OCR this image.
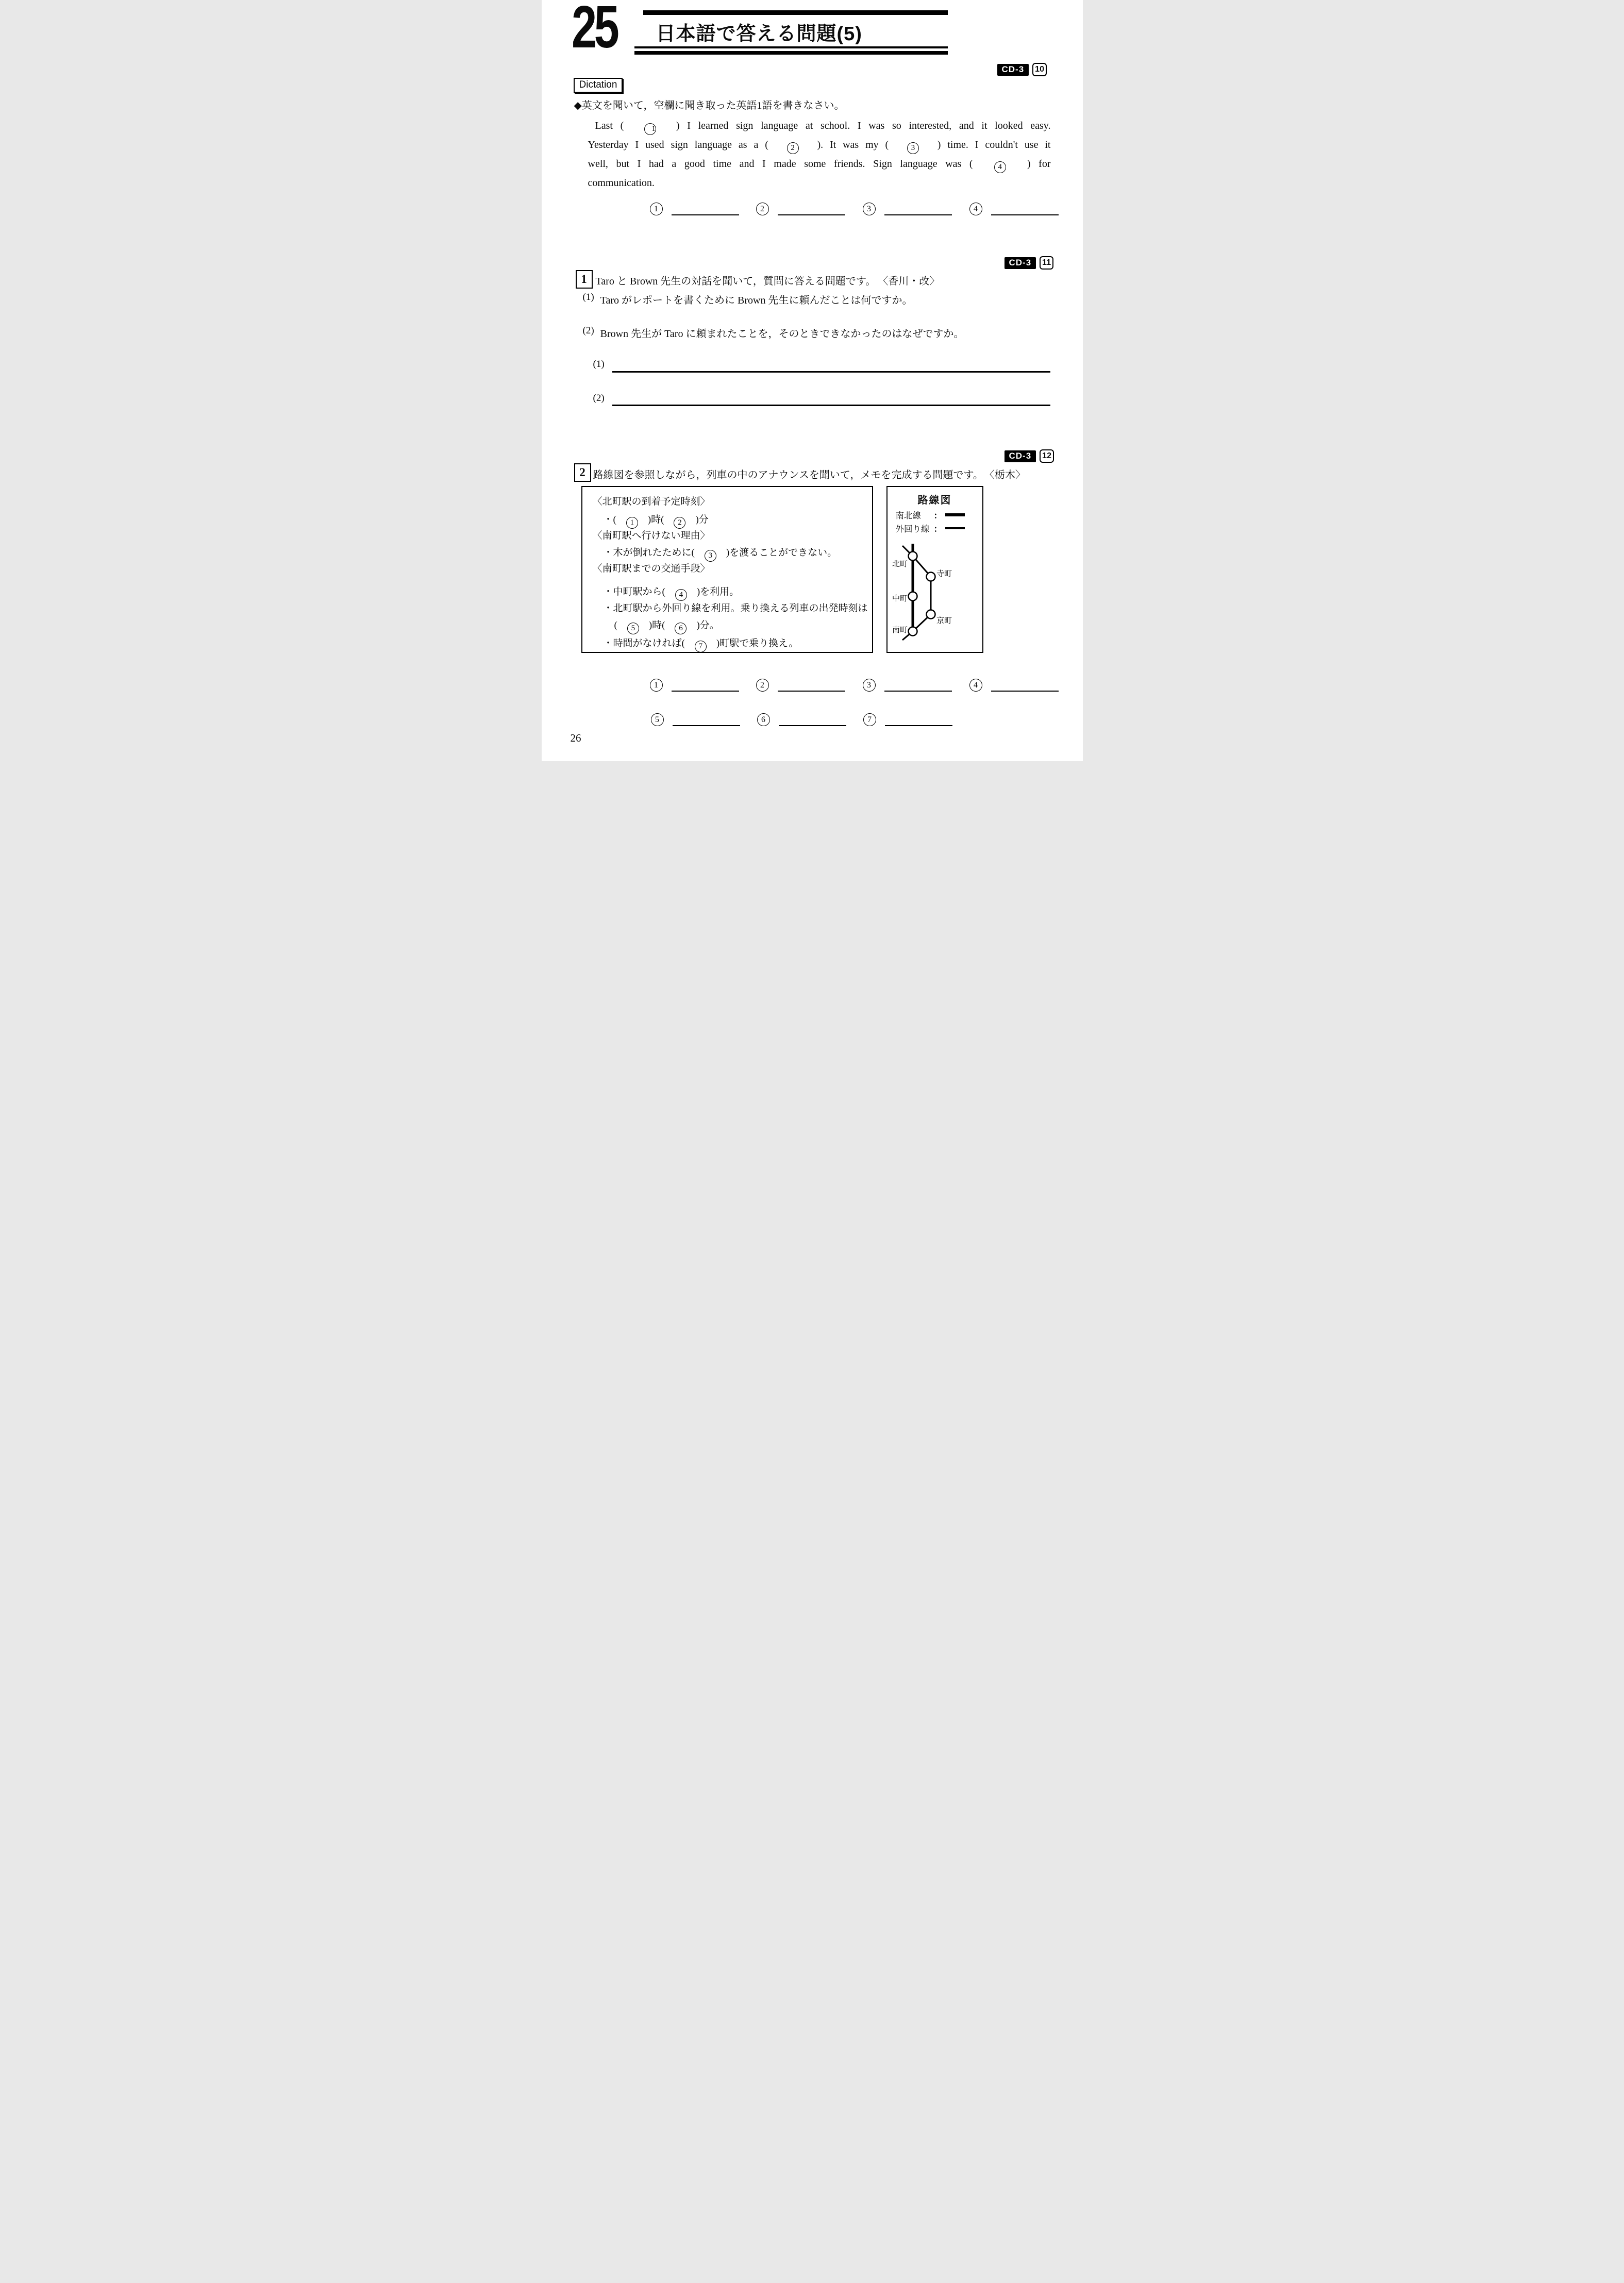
25 日本語で答える問題(5)
CD-3	10
Dictation
◆英文を聞いて，空欄に聞き取った英語1語を書きなさい。
Last (　1　) I learned sign language at school. I was so interested, and it looked easy.
Yesterday I used sign language as a (　2　). It was my (　3　) time. I couldn't use it
well, but I had a good time and I made some friends. Sign language was (　4　) for
communication.
1	2	3	4
CD-3	11
1 Taro と Brown 先生の対話を聞いて，質問に答える問題です。 〈香川・改〉
(1) Taro がレポートを書くために Brown 先生に頼んだことは何ですか。
(2) Brown 先生が Taro に頼まれたことを，そのときできなかったのはなぜですか。
(1)
(2)
CD-3	12
2 路線図を参照しながら，列車の中のアナウンスを聞いて，メモを完成する問題です。 〈栃木〉
〈北町駅の到着予定時刻〉
・(　1　)時(　2　)分
〈南町駅へ行けない理由〉
・木が倒れたために(　3　)を渡ることができない。
〈南町駅までの交通手段〉
・中町駅から(　4　)を利用。
・北町駅から外回り線を利用。乗り換える列車の出発時刻は
(　5　)時(　6　)分。
・時間がなければ(　7　)町駅で乗り換え。
路線図
南北線	：
外回り線 ：
北町
寺町
中町
京町
南町
1	2	3	4
5	6	7
26
